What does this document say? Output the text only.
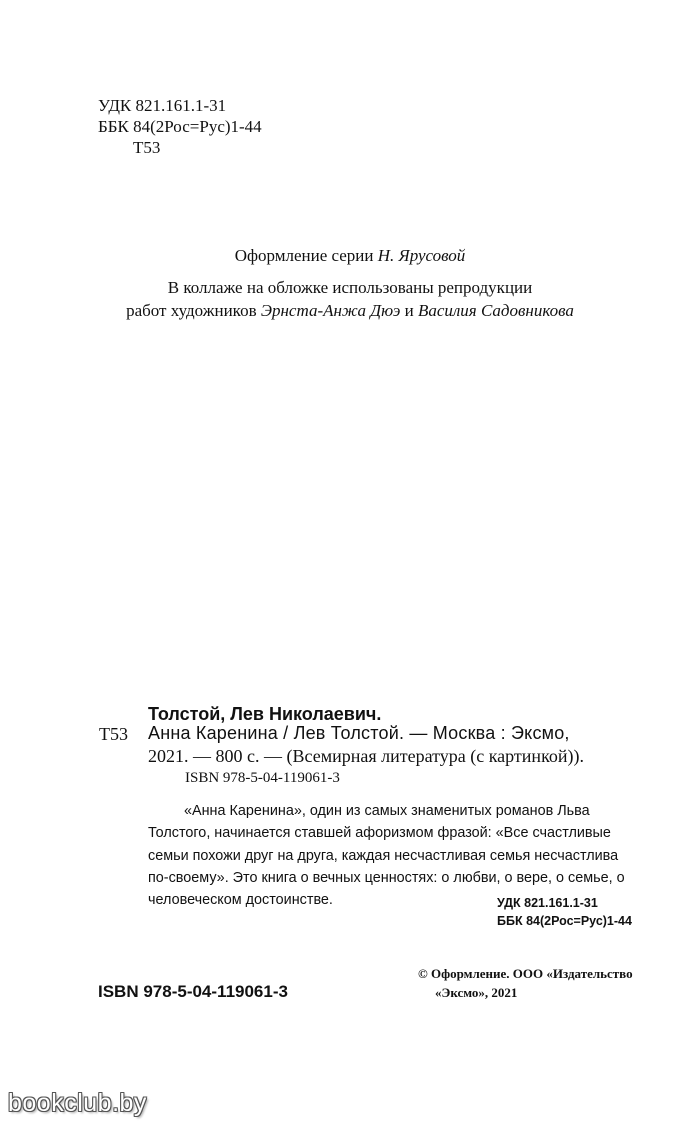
УДК 821.161.1-31
ББК 84(2Рос=Рус)1-44
Т53
Оформление серии Н. Ярусовой
В коллаже на обложке использованы репродукции
работ художников Эрнста-Анжа Дюэ и Василия Садовникова
Толстой, Лев Николаевич.
Т53 Анна Каренина / Лев Толстой. — Москва : Эксмо,
2021. — 800 с. — (Всемирная литература (с картинкой)).
ISBN 978-5-04-119061-3
«Анна Каренина», один из самых знаменитых романов Льва
Толстого, начинается ставшей афоризмом фразой: «Все счастливые
семьи похожи друг на друга, каждая несчастливая семья несчастлива
по-своему». Это книга о вечных ценностях: о любви, о вере, о семье, о
человеческом достоинстве.	УДК 821.161.1-31
ББК 84(2Рос=Рус)1-44
ISBN 978-5-04-119061-3
© Оформление. ООО «Издательство
«Эксмо», 2021
bookclub.by
